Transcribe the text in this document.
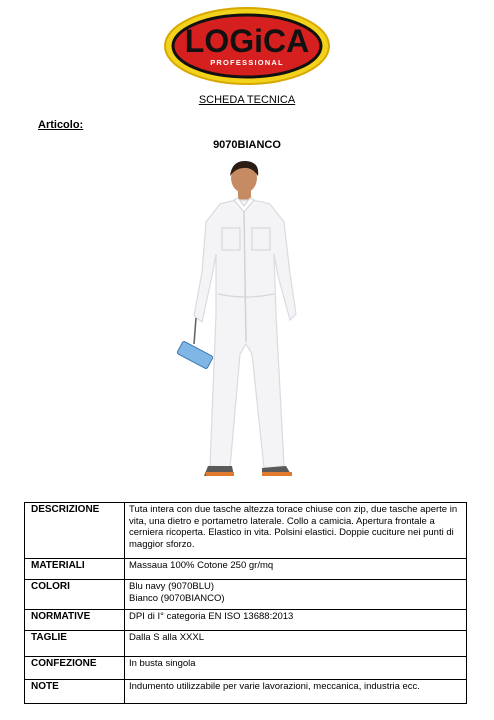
LOGiCA
PROFESSIONAL
SCHEDA TECNICA
Articolo:
9070BIANCO
DESCRIZIONE	Tuta intera con due tasche altezza torace chiuse con zip, due tasche aperte in vita, una dietro e portametro laterale. Collo a camicia. Apertura frontale a cerniera ricoperta. Elastico in vita. Polsini elastici. Doppie cuciture nei punti di maggior sforzo.
MATERIALI	Massaua 100% Cotone 250 gr/mq
COLORI	Blu navy (9070BLU)
Bianco (9070BIANCO)
NORMATIVE	DPI di I° categoria EN ISO 13688:2013
TAGLIE	Dalla S alla XXXL
CONFEZIONE	In busta singola
NOTE	Indumento utilizzabile per varie lavorazioni, meccanica, industria ecc.
